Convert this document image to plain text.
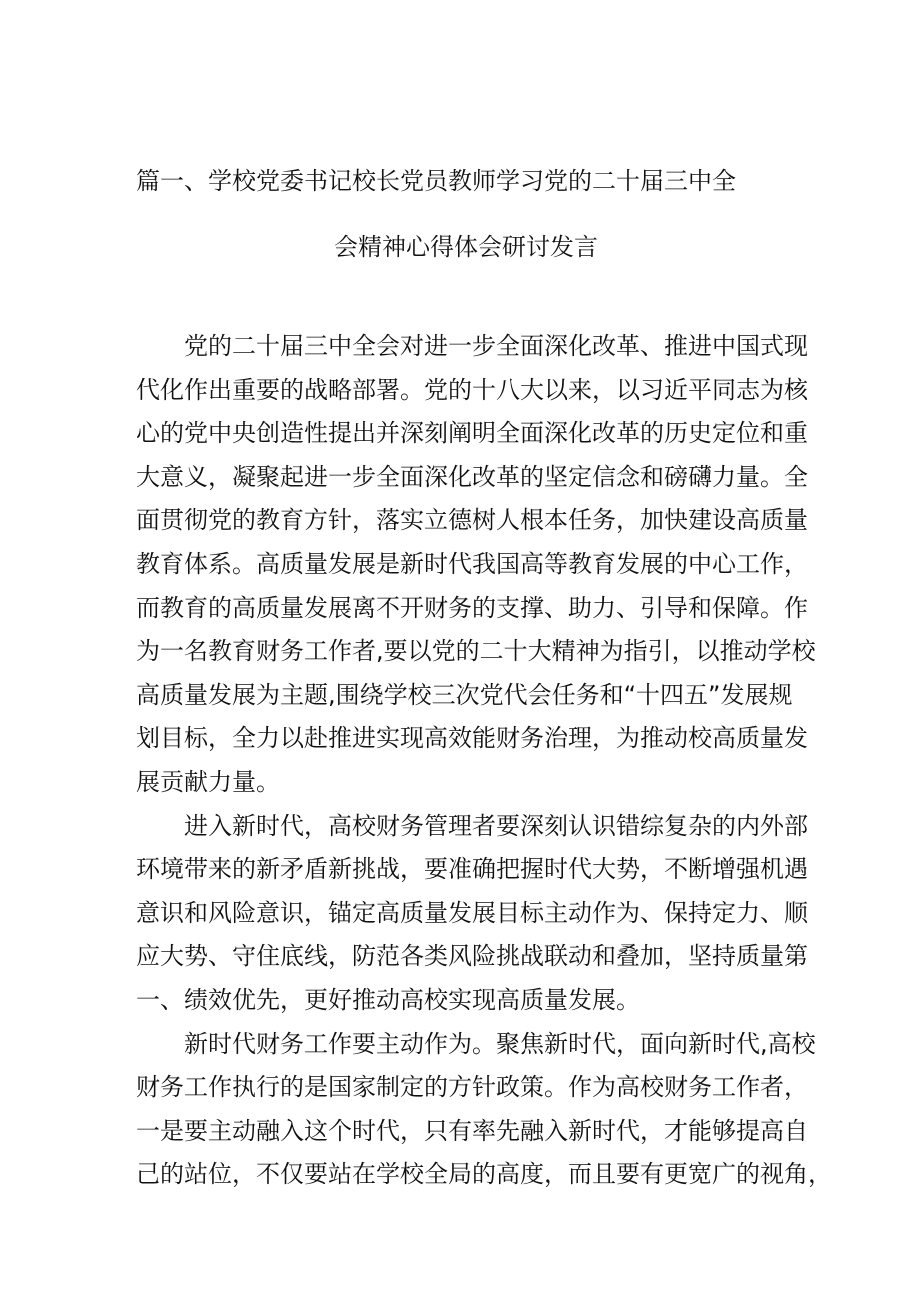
篇一、学校党委书记校长党员教师学习党的二十届三中全
会精神心得体会研讨发言
党的二十届三中全会对进一步全面深化改革、推进中国式现
代化作出重要的战略部署。党的十八大以来，以习近平同志为核
心的党中央创造性提出并深刻阐明全面深化改革的历史定位和重
大意义，凝聚起进一步全面深化改革的坚定信念和磅礴力量。全
面贯彻党的教育方针，落实立德树人根本任务，加快建设高质量
教育体系。高质量发展是新时代我国高等教育发展的中心工作，
而教育的高质量发展离不开财务的支撑、助力、引导和保障。作
为一名教育财务工作者,要以党的二十大精神为指引，以推动学校
高质量发展为主题,围绕学校三次党代会任务和“十四五”发展规
划目标，全力以赴推进实现高效能财务治理，为推动校高质量发
展贡献力量。
进入新时代，高校财务管理者要深刻认识错综复杂的内外部
环境带来的新矛盾新挑战，要准确把握时代大势，不断增强机遇
意识和风险意识，锚定高质量发展目标主动作为、保持定力、顺
应大势、守住底线，防范各类风险挑战联动和叠加，坚持质量第
一、绩效优先，更好推动高校实现高质量发展。
新时代财务工作要主动作为。聚焦新时代，面向新时代,高校
财务工作执行的是国家制定的方针政策。作为高校财务工作者，
一是要主动融入这个时代，只有率先融入新时代，才能够提高自
己的站位，不仅要站在学校全局的高度，而且要有更宽广的视角，
